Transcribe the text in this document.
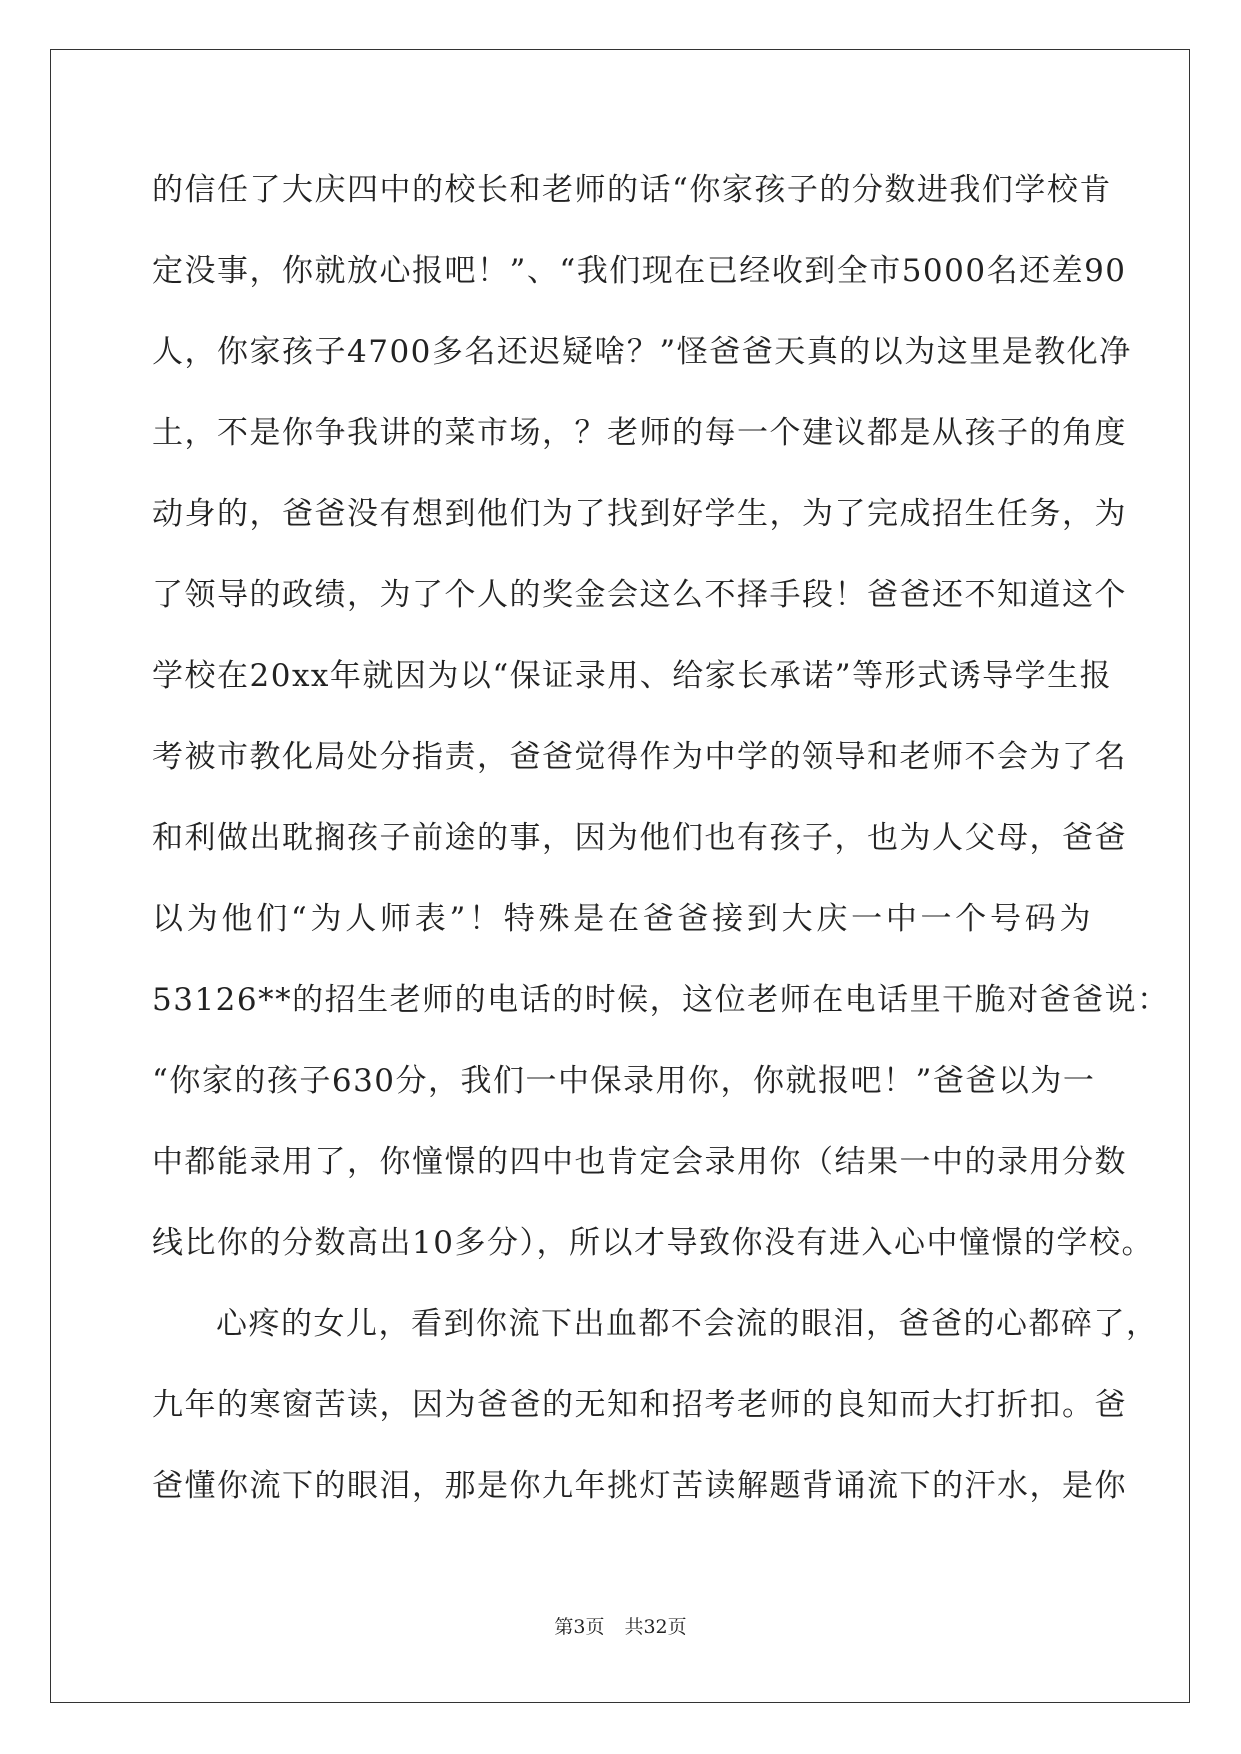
的信任了大庆四中的校长和老师的话“你家孩子的分数进我们学校肯
定没事，你就放心报吧！”、“我们现在已经收到全市5000名还差90
人，你家孩子4700多名还迟疑啥？”怪爸爸天真的以为这里是教化净
土，不是你争我讲的菜市场，？老师的每一个建议都是从孩子的角度
动身的，爸爸没有想到他们为了找到好学生，为了完成招生任务，为
了领导的政绩，为了个人的奖金会这么不择手段！爸爸还不知道这个
学校在20xx年就因为以“保证录用、给家长承诺”等形式诱导学生报
考被市教化局处分指责，爸爸觉得作为中学的领导和老师不会为了名
和利做出耽搁孩子前途的事，因为他们也有孩子，也为人父母，爸爸
以为他们“为人师表”！特殊是在爸爸接到大庆一中一个号码为
53126**的招生老师的电话的时候，这位老师在电话里干脆对爸爸说：
“你家的孩子630分，我们一中保录用你，你就报吧！”爸爸以为一
中都能录用了，你憧憬的四中也肯定会录用你（结果一中的录用分数
线比你的分数高出10多分），所以才导致你没有进入心中憧憬的学校。
心疼的女儿，看到你流下出血都不会流的眼泪，爸爸的心都碎了，
九年的寒窗苦读，因为爸爸的无知和招考老师的良知而大打折扣。爸
爸懂你流下的眼泪，那是你九年挑灯苦读解题背诵流下的汗水，是你
第3页 共32页
